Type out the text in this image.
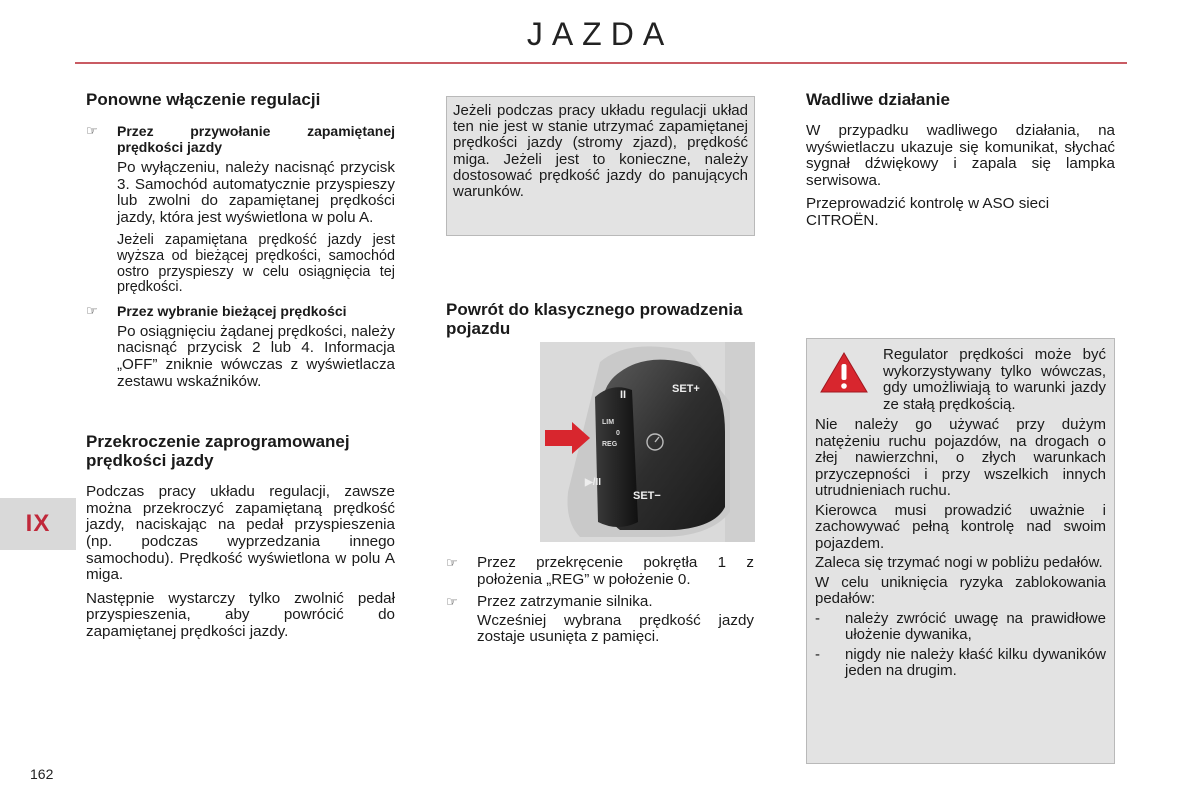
JAZDA
IX
162
Ponowne włączenie regulacji
☞ Przez przywołanie zapamiętanej prędkości jazdy

Po wyłączeniu, należy nacisnąć przycisk 3. Samochód automatycznie przyspieszy lub zwolni do zapamiętanej prędkości jazdy, która jest wyświetlona w polu A.

Jeżeli zapamiętana prędkość jazdy jest wyższa od bieżącej prędkości, samochód ostro przyspieszy w celu osiągnięcia tej prędkości.

☞ Przez wybranie bieżącej prędkości

Po osiągnięciu żądanej prędkości, należy nacisnąć przycisk 2 lub 4. Informacja „OFF” zniknie wówczas z wyświetlacza zestawu wskaźników.

Przekroczenie zaprogramowanej prędkości jazdy

Podczas pracy układu regulacji, zawsze można przekroczyć zapamiętaną prędkość jazdy, naciskając na pedał przyspieszenia (np. podczas wyprzedzania innego samochodu). Prędkość wyświetlona w polu A miga.

Następnie wystarczy tylko zwolnić pedał przyspieszenia, aby powrócić do zapamiętanej prędkości jazdy.

Jeżeli podczas pracy układu regulacji układ ten nie jest w stanie utrzymać zapamiętanej prędkości jazdy (stromy zjazd), prędkość miga. Jeżeli jest to konieczne, należy dostosować prędkość jazdy do panujących warunków.
Powrót do klasycznego prowadzenia pojazdu
SET+
SET−
II
▶/II
LIM
0
REG
☞ Przez przekręcenie pokrętła 1 z położenia „REG” w położenie 0.
☞ Przez zatrzymanie silnika.

Wcześniej wybrana prędkość jazdy zostaje usunięta z pamięci.

Wadliwe działanie

W przypadku wadliwego działania, na wyświetlaczu ukazuje się komunikat, słychać sygnał dźwiękowy i zapala się lampka serwisowa.

Przeprowadzić kontrolę w ASO sieci CITROËN.

Regulator prędkości może być wykorzystywany tylko wówczas, gdy umożliwiają to warunki jazdy ze stałą prędkością.

Nie należy go używać przy dużym natężeniu ruchu pojazdów, na drogach o złej nawierzchni, o złych warunkach przyczepności i przy wszelkich innych utrudnieniach ruchu.

Kierowca musi prowadzić uważnie i zachowywać pełną kontrolę nad swoim pojazdem.

Zaleca się trzymać nogi w pobliżu pedałów.

W celu uniknięcia ryzyka zablokowania pedałów:

-	należy zwrócić uwagę na prawidłowe ułożenie dywanika,
-	nigdy nie należy kłaść kilku dywaników jeden na drugim.
